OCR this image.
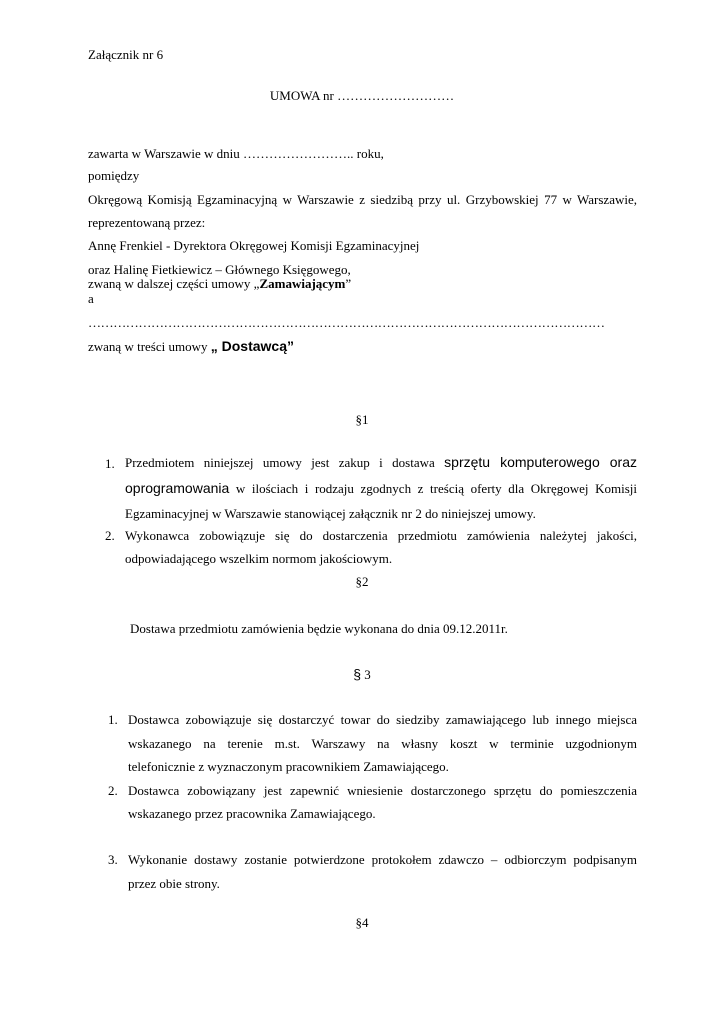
Załącznik nr 6
UMOWA nr ………………………
zawarta w Warszawie w dniu …………………….. roku,
pomiędzy
Okręgową Komisją Egzaminacyjną w Warszawie z siedzibą przy ul. Grzybowskiej 77 w Warszawie,
reprezentowaną przez:
Annę Frenkiel - Dyrektora Okręgowej Komisji Egzaminacyjnej
oraz Halinę Fietkiewicz – Głównego Księgowego,
zwaną w dalszej części umowy „Zamawiającym”
a
……………………………………………………………………………………………………………
zwaną w treści umowy „ Dostawcą”
§1
1. Przedmiotem niniejszej umowy jest zakup i dostawa sprzętu komputerowego oraz
oprogramowania w ilościach i rodzaju zgodnych z treścią oferty dla Okręgowej Komisji
Egzaminacyjnej w Warszawie stanowiącej załącznik nr 2 do niniejszej umowy.
2. Wykonawca zobowiązuje się do dostarczenia przedmiotu zamówienia należytej jakości,
odpowiadającego wszelkim normom jakościowym.
§2
Dostawa przedmiotu zamówienia będzie wykonana do dnia 09.12.2011r.
§ 3
1. Dostawca zobowiązuje się dostarczyć towar do siedziby zamawiającego lub innego miejsca
wskazanego na terenie m.st. Warszawy na własny koszt w terminie uzgodnionym
telefonicznie z wyznaczonym pracownikiem Zamawiającego.
2. Dostawca zobowiązany jest zapewnić wniesienie dostarczonego sprzętu do pomieszczenia
wskazanego przez pracownika Zamawiającego.
3. Wykonanie dostawy zostanie potwierdzone protokołem zdawczo – odbiorczym podpisanym
przez obie strony.
§4
